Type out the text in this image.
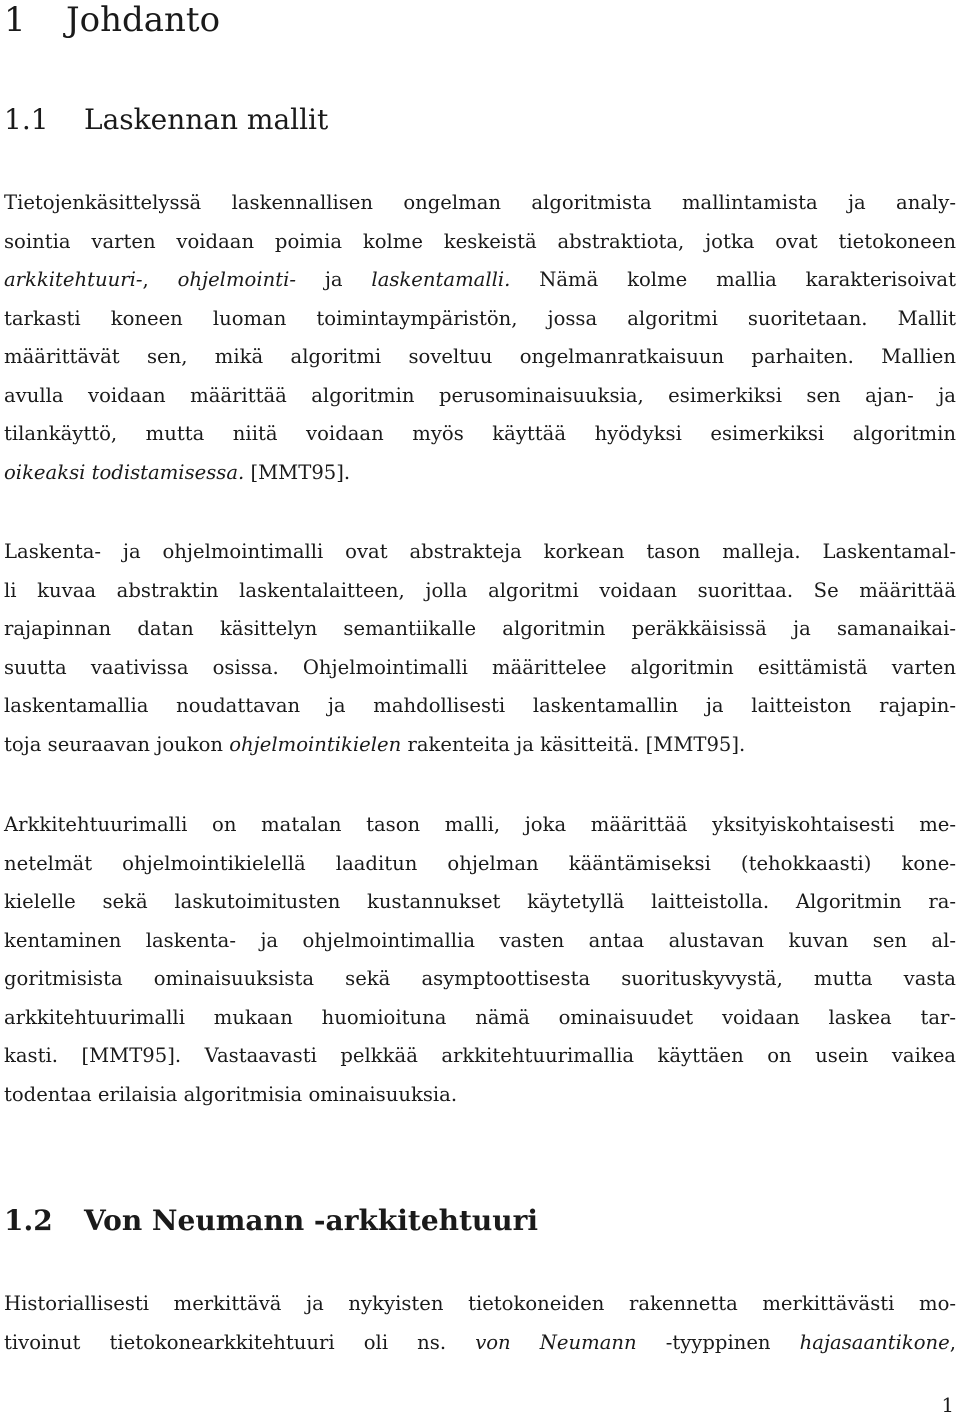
1 Johdanto
1.1 Laskennan mallit
Tietojenkäsittelyssä laskennallisen ongelman algoritmista mallintamista ja analy-
sointia varten voidaan poimia kolme keskeistä abstraktiota, jotka ovat tietokoneen
arkkitehtuuri-, ohjelmointi- ja laskentamalli. Nämä kolme mallia karakterisoivat
tarkasti koneen luoman toimintaympäristön, jossa algoritmi suoritetaan. Mallit
määrittävät sen, mikä algoritmi soveltuu ongelmanratkaisuun parhaiten. Mallien
avulla voidaan määrittää algoritmin perusominaisuuksia, esimerkiksi sen ajan- ja
tilankäyttö, mutta niitä voidaan myös käyttää hyödyksi esimerkiksi algoritmin
oikeaksi todistamisessa. [MMT95].
Laskenta- ja ohjelmointimalli ovat abstrakteja korkean tason malleja. Laskentamal-
li kuvaa abstraktin laskentalaitteen, jolla algoritmi voidaan suorittaa. Se määrittää
rajapinnan datan käsittelyn semantiikalle algoritmin peräkkäisissä ja samanaikai-
suutta vaativissa osissa. Ohjelmointimalli määrittelee algoritmin esittämistä varten
laskentamallia noudattavan ja mahdollisesti laskentamallin ja laitteiston rajapin-
toja seuraavan joukon ohjelmointikielen rakenteita ja käsitteitä. [MMT95].
Arkkitehtuurimalli on matalan tason malli, joka määrittää yksityiskohtaisesti me-
netelmät ohjelmointikielellä laaditun ohjelman kääntämiseksi (tehokkaasti) kone-
kielelle sekä laskutoimitusten kustannukset käytetyllä laitteistolla. Algoritmin ra-
kentaminen laskenta- ja ohjelmointimallia vasten antaa alustavan kuvan sen al-
goritmisista ominaisuuksista sekä asymptoottisesta suorituskyvystä, mutta vasta
arkkitehtuurimalli mukaan huomioituna nämä ominaisuudet voidaan laskea tar-
kasti. [MMT95]. Vastaavasti pelkkää arkkitehtuurimallia käyttäen on usein vaikea
todentaa erilaisia algoritmisia ominaisuuksia.
1.2 Von Neumann -arkkitehtuuri
Historiallisesti merkittävä ja nykyisten tietokoneiden rakennetta merkittävästi mo-
tivoinut tietokonearkkitehtuuri oli ns. von Neumann -tyyppinen hajasaantikone,
1
